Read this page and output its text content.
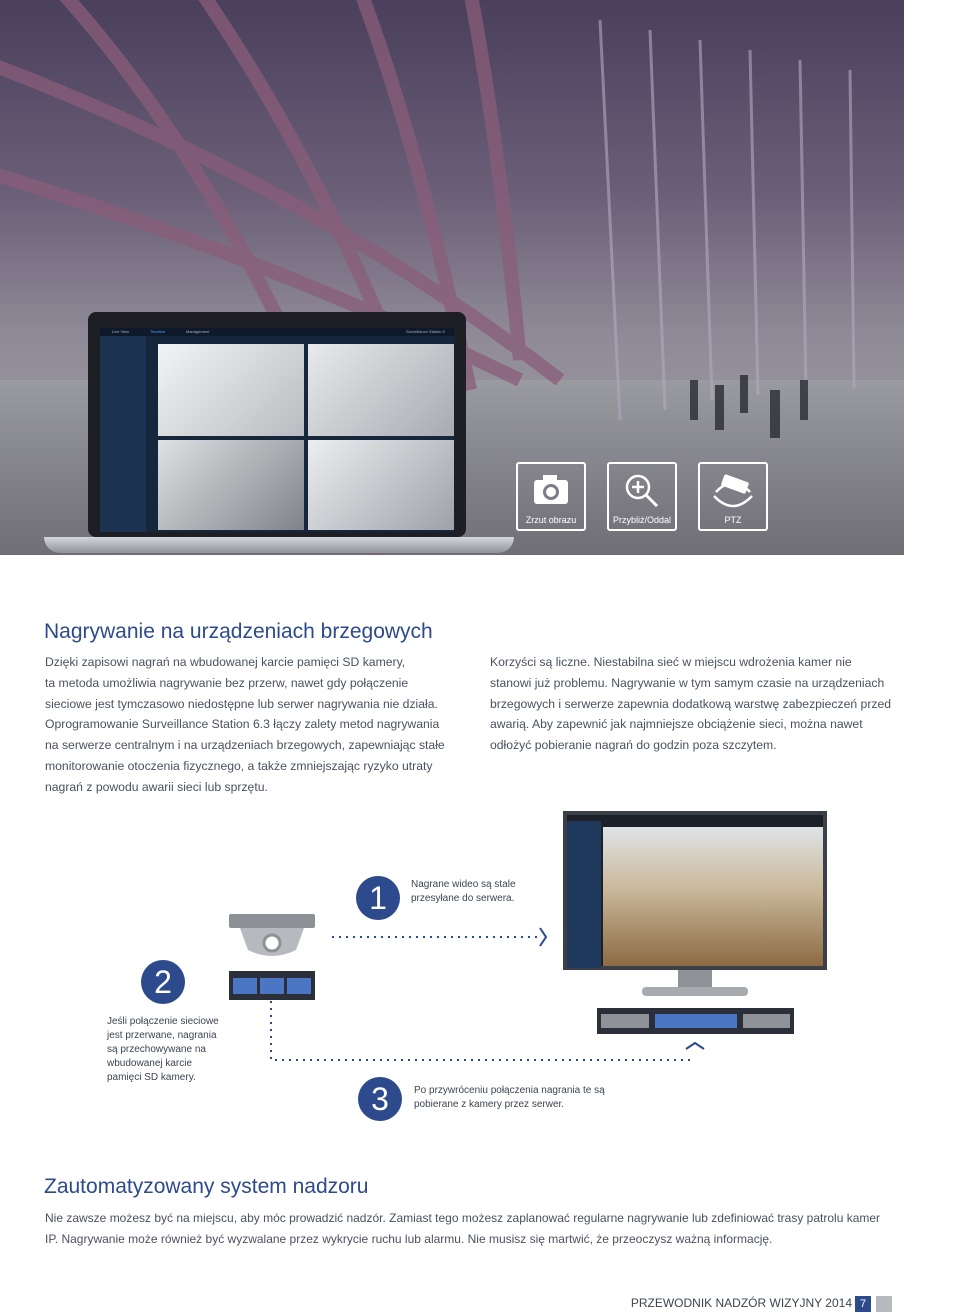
Live View	Timeline	Management	Surveillance Station 6
Zrzut obrazu	Przybliż/Oddal	PTZ
Nagrywanie na urządzeniach brzegowych
Dzięki zapisowi nagrań na wbudowanej karcie pamięci SD kamery,
ta metoda umożliwia nagrywanie bez przerw, nawet gdy połączenie
sieciowe jest tymczasowo niedostępne lub serwer nagrywania nie działa.
Oprogramowanie Surveillance Station 6.3 łączy zalety metod nagrywania
na serwerze centralnym i na urządzeniach brzegowych, zapewniając stałe
monitorowanie otoczenia fizycznego, a także zmniejszając ryzyko utraty
nagrań z powodu awarii sieci lub sprzętu.
Korzyści są liczne. Niestabilna sieć w miejscu wdrożenia kamer nie
stanowi już problemu. Nagrywanie w tym samym czasie na urządzeniach
brzegowych i serwerze zapewnia dodatkową warstwę zabezpieczeń przed
awarią. Aby zapewnić jak najmniejsze obciążenie sieci, można nawet
odłożyć pobieranie nagrań do godzin poza szczytem.
1	Nagrane wideo są stale
przesyłane do serwera.
2
Jeśli połączenie sieciowe
jest przerwane, nagrania
są przechowywane na
wbudowanej karcie
pamięci SD kamery.
3	Po przywróceniu połączenia nagrania te są
pobierane z kamery przez serwer.
Zautomatyzowany system nadzoru
Nie zawsze możesz być na miejscu, aby móc prowadzić nadzór. Zamiast tego możesz zaplanować regularne nagrywanie lub zdefiniować trasy patrolu kamer
IP. Nagrywanie może również być wyzwalane przez wykrycie ruchu lub alarmu. Nie musisz się martwić, że przeoczysz ważną informację.
PRZEWODNIK NADZÓR WIZYJNY 2014 7
